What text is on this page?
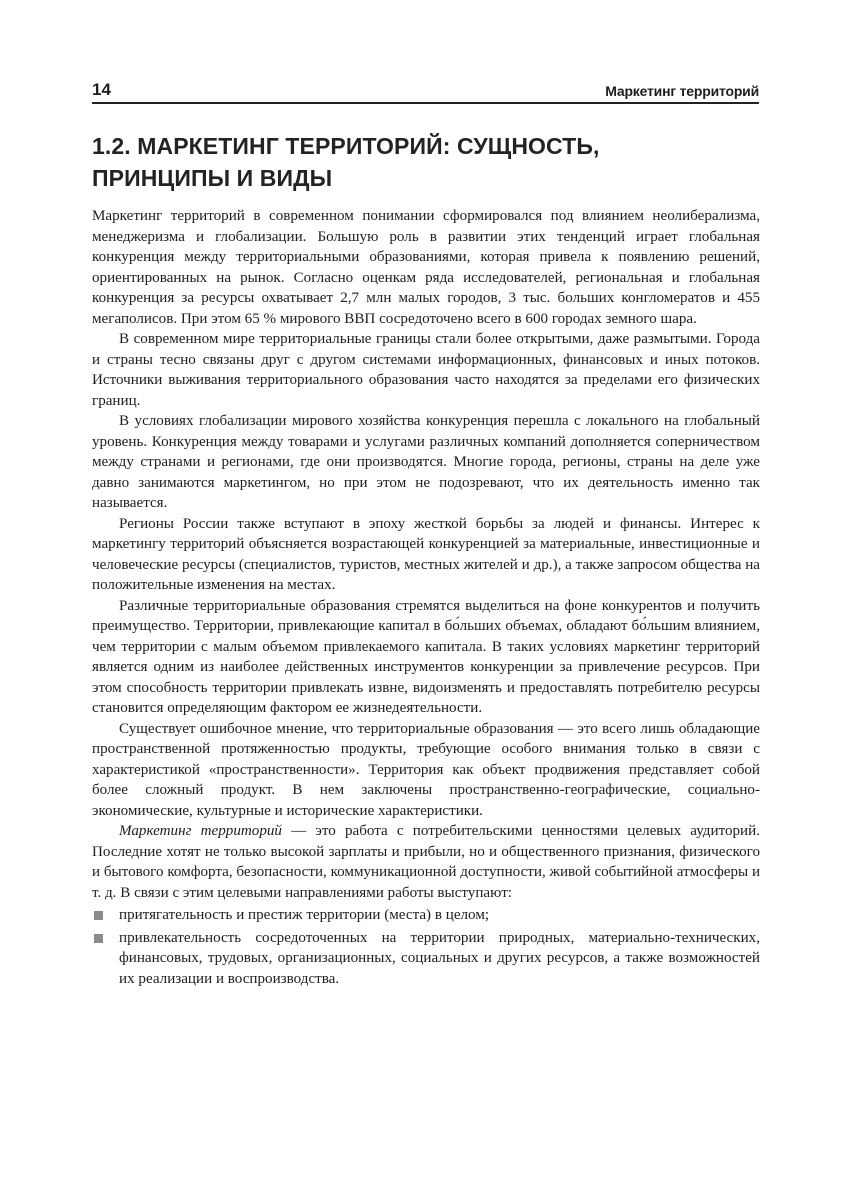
14	Маркетинг территорий
1.2. МАРКЕТИНГ ТЕРРИТОРИЙ: СУЩНОСТЬ,
ПРИНЦИПЫ И ВИДЫ

Маркетинг территорий в современном понимании сформировался под влиянием неолиберализма, менеджеризма и глобализации. Большую роль в развитии этих тенденций играет глобальная конкуренция между территориальными образованиями, которая привела к появлению решений, ориентированных на рынок. Согласно оценкам ряда исследователей, региональная и глобальная конкуренция за ресурсы охватывает 2,7 млн малых городов, 3 тыс. больших конгломератов и 455 мегаполисов. При этом 65 % мирового ВВП сосредоточено всего в 600 городах земного шара.

В современном мире территориальные границы стали более открытыми, даже размытыми. Города и страны тесно связаны друг с другом системами информационных, финансовых и иных потоков. Источники выживания территориального образования часто находятся за пределами его физических границ.

В условиях глобализации мирового хозяйства конкуренция перешла с локального на глобальный уровень. Конкуренция между товарами и услугами различных компаний дополняется соперничеством между странами и регионами, где они производятся. Многие города, регионы, страны на деле уже давно занимаются маркетингом, но при этом не подозревают, что их деятельность именно так называется.

Регионы России также вступают в эпоху жесткой борьбы за людей и финансы. Интерес к маркетингу территорий объясняется возрастающей конкуренцией за материальные, инвестиционные и человеческие ресурсы (специалистов, туристов, местных жителей и др.), а также запросом общества на положительные изменения на местах.

Различные территориальные образования стремятся выделиться на фоне конкурентов и получить преимущество. Территории, привлекающие капитал в бо́льших объемах, обладают бо́льшим влиянием, чем территории с малым объемом привлекаемого капитала. В таких условиях маркетинг территорий является одним из наиболее действенных инструментов конкуренции за привлечение ресурсов. При этом способность территории привлекать извне, видоизменять и предоставлять потребителю ресурсы становится определяющим фактором ее жизнедеятельности.

Существует ошибочное мнение, что территориальные образования — это всего лишь обладающие пространственной протяженностью продукты, требующие особого внимания только в связи с характеристикой «пространственности». Территория как объект продвижения представляет собой более сложный продукт. В нем заключены пространственно-географические, социально-экономические, культурные и исторические характеристики.

Маркетинг территорий — это работа с потребительскими ценностями целевых аудиторий. Последние хотят не только высокой зарплаты и прибыли, но и общественного признания, физического и бытового комфорта, безопасности, коммуникационной доступности, живой событийной атмосферы и т. д. В связи с этим целевыми направлениями работы выступают:

притягательность и престиж территории (места) в целом;
привлекательность сосредоточенных на территории природных, материально-технических, финансовых, трудовых, организационных, социальных и других ресурсов, а также возможностей их реализации и воспроизводства.
